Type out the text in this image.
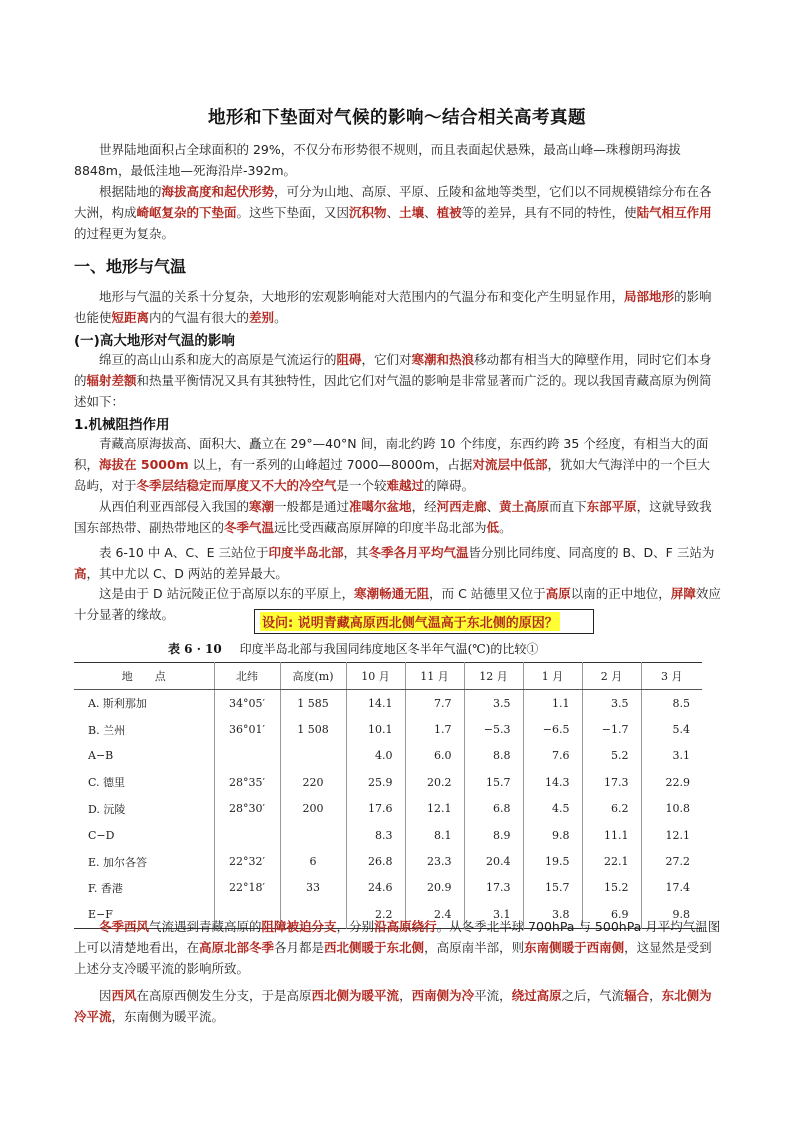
地形和下垫面对气候的影响～结合相关高考真题

世界陆地面积占全球面积的 29%，不仅分布形势很不规则，而且表面起伏悬殊，最高山峰—珠穆朗玛海拔 8848m，最低洼地—死海沿岸-392m。

根据陆地的海拔高度和起伏形势，可分为山地、高原、平原、丘陵和盆地等类型，它们以不同规模错综分布在各大洲，构成崎岖复杂的下垫面。这些下垫面，又因沉积物、土壤、植被等的差异，具有不同的特性，使陆气相互作用的过程更为复杂。

一、地形与气温

地形与气温的关系十分复杂，大地形的宏观影响能对大范围内的气温分布和变化产生明显作用，局部地形的影响也能使短距离内的气温有很大的差别。

(一)高大地形对气温的影响

绵亘的高山山系和庞大的高原是气流运行的阻碍，它们对寒潮和热浪移动都有相当大的障壁作用，同时它们本身的辐射差额和热量平衡情况又具有其独特性，因此它们对气温的影响是非常显著而广泛的。现以我国青藏高原为例简述如下：

1.机械阻挡作用

青藏高原海拔高、面积大、矗立在 29°—40°N 间，南北约跨 10 个纬度，东西约跨 35 个经度，有相当大的面积，海拔在 5000m 以上，有一系列的山峰超过 7000—8000m，占据对流层中低部，犹如大气海洋中的一个巨大岛屿，对于冬季层结稳定而厚度又不大的冷空气是一个较难越过的障碍。

从西伯利亚西部侵入我国的寒潮一般都是通过准噶尔盆地，经河西走廊、黄土高原而直下东部平原，这就导致我国东部热带、副热带地区的冬季气温远比受西藏高原屏障的印度半岛北部为低。

表 6-10 中 A、C、E 三站位于印度半岛北部，其冬季各月平均气温皆分别比同纬度、同高度的 B、D、F 三站为高，其中尤以 C、D 两站的差异最大。

这是由于 D 站沅陵正位于高原以东的平原上，寒潮畅通无阻，而 C 站德里又位于高原以南的正中地位，屏障效应十分显著的缘故。

设问: 说明青藏高原西北侧气温高于东北侧的原因？
表 6 · 10 印度半岛北部与我国同纬度地区冬半年气温(℃)的比较①
地　　点	北纬	高度(m)	10 月	11 月	12 月	1 月	2 月	3 月
A. 斯利那加	34°05′	1 585	14.1	7.7	3.5	1.1	3.5	8.5
B. 兰州	36°01′	1 508	10.1	1.7	−5.3	−6.5	−1.7	5.4
A−B			4.0	6.0	8.8	7.6	5.2	3.1
C. 德里	28°35′	220	25.9	20.2	15.7	14.3	17.3	22.9
D. 沅陵	28°30′	200	17.6	12.1	6.8	4.5	6.2	10.8
C−D			8.3	8.1	8.9	9.8	11.1	12.1
E. 加尔各答	22°32′	6	26.8	23.3	20.4	19.5	22.1	27.2
F. 香港	22°18′	33	24.6	20.9	17.3	15.7	15.2	17.4
E−F			2.2	2.4	3.1	3.8	6.9	9.8

冬季西风气流遇到青藏高原的阻障被迫分支，分别沿高原绕行。从冬季北半球 700hPa 与 500hPa 月平均气温图上可以清楚地看出，在高原北部冬季各月都是西北侧暖于东北侧，高原南半部，则东南侧暖于西南侧，这显然是受到上述分支冷暖平流的影响所致。

因西风在高原西侧发生分支，于是高原西北侧为暖平流，西南侧为冷平流，绕过高原之后，气流辐合，东北侧为冷平流，东南侧为暖平流。
